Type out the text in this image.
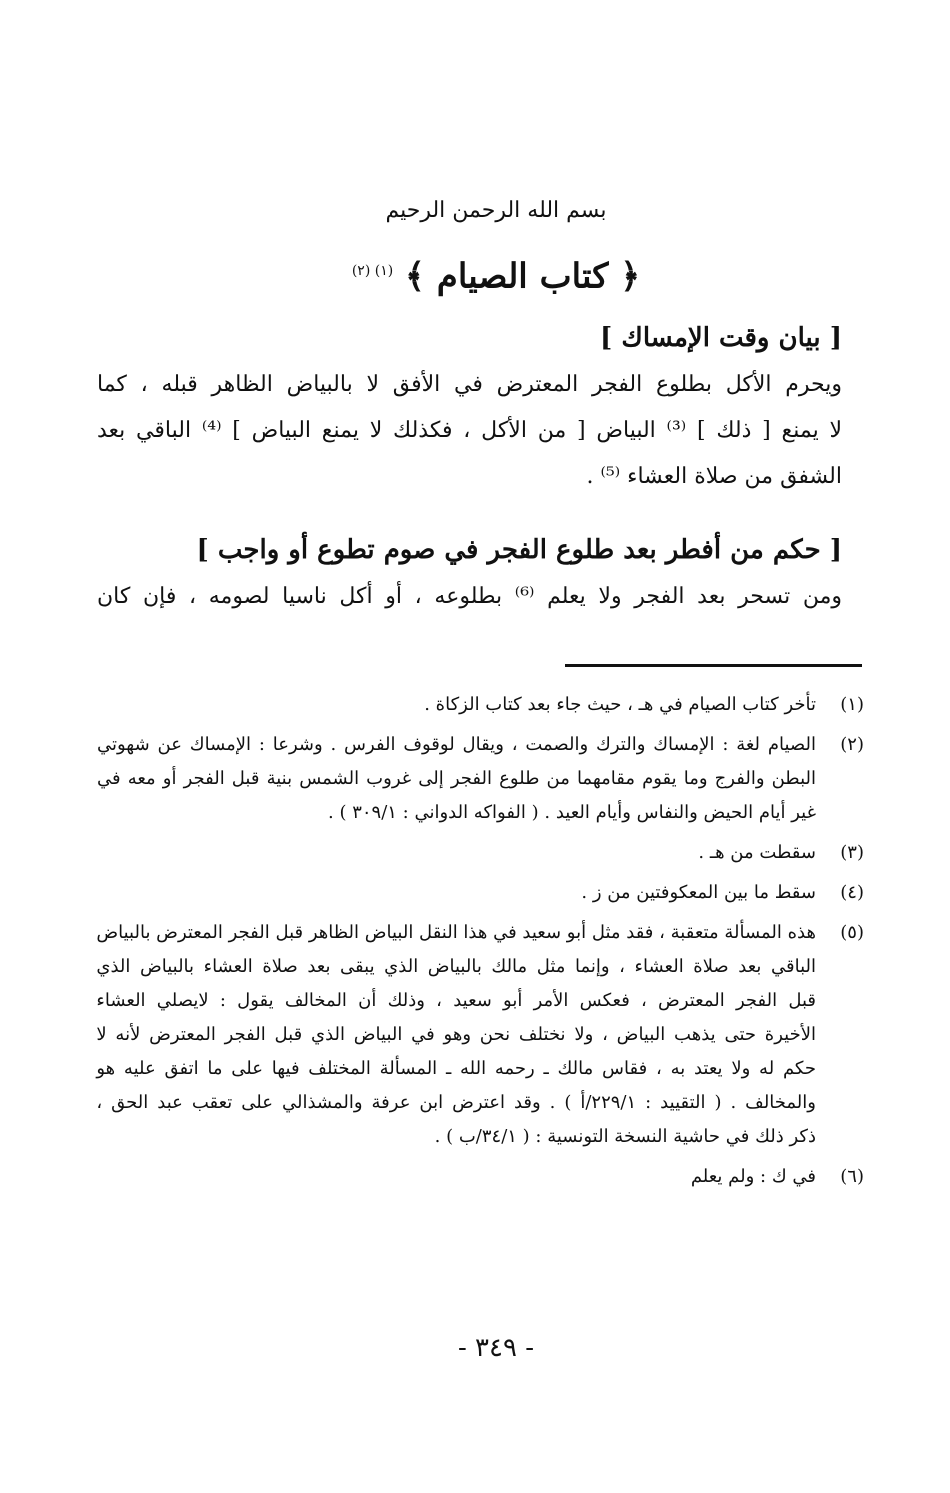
بسم الله الرحمن الرحيم
﴿ كتاب الصيام ﴾ $^{(١) (٢)}$
[ بيان وقت الإمساك ]
ويحرم الأكل بطلوع الفجر المعترض في الأفق لا بالبياض الظاهر قبله ، كما
لا يمنع [ ذلك ] ⁽³⁾ البياض [ من الأكل ، فكذلك لا يمنع البياض ] ⁽⁴⁾ الباقي بعد
الشفق من صلاة العشاء ⁽⁵⁾ .
[ حكم من أفطر بعد طلوع الفجر في صوم تطوع أو واجب ]
ومن تسحر بعد الفجر ولا يعلم ⁽⁶⁾ بطلوعه ، أو أكل ناسيا لصومه ، فإن كان
(١)
تأخر كتاب الصيام في هـ ، حيث جاء بعد كتاب الزكاة .
(٢)
الصيام لغة : الإمساك والترك والصمت ، ويقال لوقوف الفرس . وشرعا : الإمساك عن شهوتي
البطن والفرج وما يقوم مقامهما من طلوع الفجر إلى غروب الشمس بنية قبل الفجر أو معه في
غير أيام الحيض والنفاس وأيام العيد . ( الفواكه الدواني : ٣٠٩/١ ) .
(٣)
سقطت من هـ .
(٤)
سقط ما بين المعكوفتين من ز .
(٥)
هذه المسألة متعقبة ، فقد مثل أبو سعيد في هذا النقل البياض الظاهر قبل الفجر المعترض بالبياض
الباقي بعد صلاة العشاء ، وإنما مثل مالك بالبياض الذي يبقى بعد صلاة العشاء بالبياض الذي
قبل الفجر المعترض ، فعكس الأمر أبو سعيد ، وذلك أن المخالف يقول : لايصلي العشاء
الأخيرة حتى يذهب البياض ، ولا نختلف نحن وهو في البياض الذي قبل الفجر المعترض لأنه لا
حكم له ولا يعتد به ، فقاس مالك ـ رحمه الله ـ المسألة المختلف فيها على ما اتفق عليه هو
والمخالف . ( التقييد : ٢٢٩/١/أ ) . وقد اعترض ابن عرفة والمشذالي على تعقب عبد الحق ،
ذكر ذلك في حاشية النسخة التونسية : ( ٣٤/١/ب ) .
(٦)
في ك : ولم يعلم
- ٣٤٩ -
